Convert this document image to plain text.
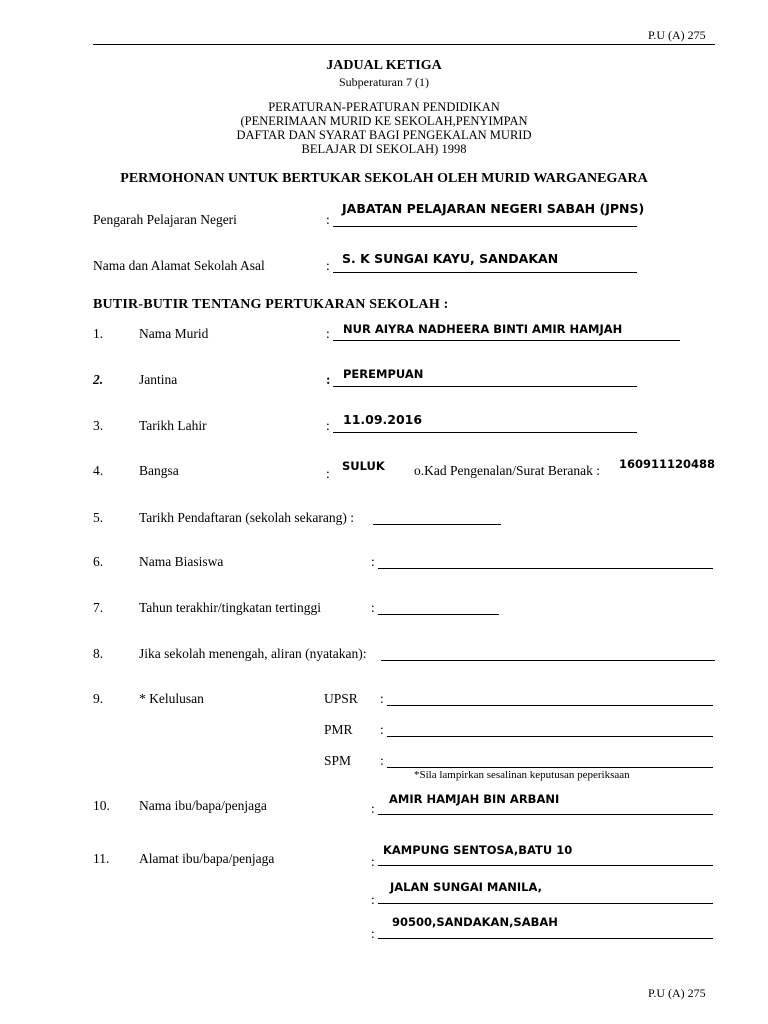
P.U (A) 275
JADUAL KETIGA
Subperaturan 7 (1)
PERATURAN-PERATURAN PENDIDIKAN
(PENERIMAAN MURID KE SEKOLAH,PENYIMPAN
DAFTAR DAN SYARAT BAGI PENGEKALAN MURID
BELAJAR DI SEKOLAH) 1998
PERMOHONAN UNTUK BERTUKAR SEKOLAH OLEH MURID WARGANEGARA
Pengarah Pelajaran Negeri	:
JABATAN PELAJARAN NEGERI SABAH (JPNS)
Nama dan Alamat Sekolah Asal	: S. K SUNGAI KAYU, SANDAKAN
BUTIR-BUTIR TENTANG PERTUKARAN SEKOLAH :
1.	Nama Murid	: NUR AIYRA NADHEERA BINTI AMIR HAMJAH
2.	Jantina	: PEREMPUAN
3.	Tarikh Lahir	: 11.09.2016
4.	Bangsa	: SULUK o.Kad Pengenalan/Surat Beranak : 160911120488
5.	Tarikh Pendaftaran (sekolah sekarang) :
6.	Nama Biasiswa	:
7.	Tahun terakhir/tingkatan tertinggi	:
8.	Jika sekolah menengah, aliran (nyatakan):
9.	* Kelulusan	UPSR :
PMR :
SPM :
*Sila lampirkan sesalinan keputusan peperiksaan
10. Nama ibu/bapa/penjaga	:
AMIR HAMJAH BIN ARBANI
11. Alamat ibu/bapa/penjaga	:
KAMPUNG SENTOSA,BATU 10
:
JALAN SUNGAI MANILA,
:
90500,SANDAKAN,SABAH
P.U (A) 275
